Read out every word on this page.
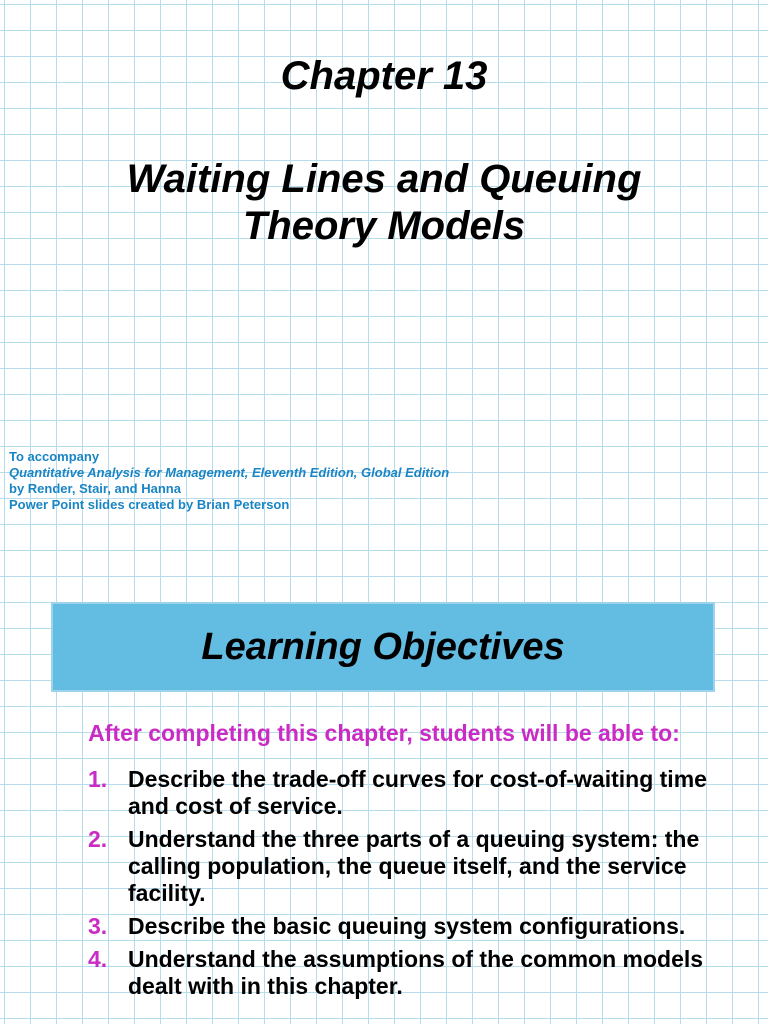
Chapter 13
Waiting Lines and Queuing
Theory Models
To accompany
Quantitative Analysis for Management, Eleventh Edition, Global Edition
by Render, Stair, and Hanna
Power Point slides created by Brian Peterson
Learning Objectives
After completing this chapter, students will be able to:
1. Describe the trade-off curves for cost-of-waiting time and cost of service.
2. Understand the three parts of a queuing system: the calling population, the queue itself, and the service facility.
3. Describe the basic queuing system configurations.
4. Understand the assumptions of the common models dealt with in this chapter.
